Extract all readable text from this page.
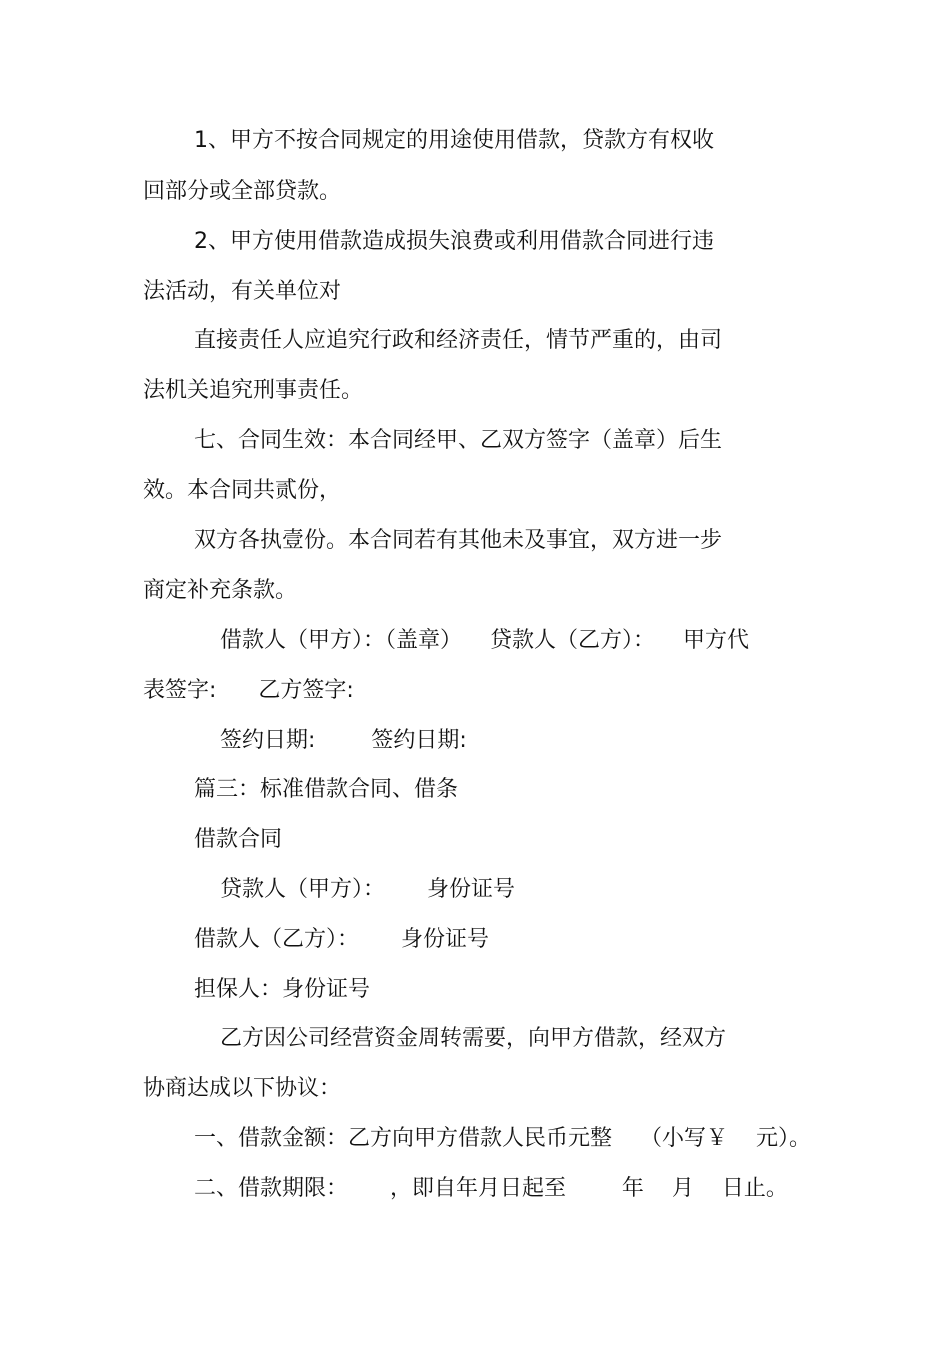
1、甲方不按合同规定的用途使用借款，贷款方有权收
回部分或全部贷款。
2、甲方使用借款造成损失浪费或利用借款合同进行违
法活动，有关单位对
直接责任人应追究行政和经济责任，情节严重的，由司
法机关追究刑事责任。
七、合同生效：本合同经甲、乙双方签字（盖章）后生
效。本合同共贰份，
双方各执壹份。本合同若有其他未及事宜，双方进一步
商定补充条款。
借款人（甲方）：（盖章）    贷款人（乙方）：    甲方代
表签字:      乙方签字:
签约日期:        签约日期:
篇三：标准借款合同、借条
借款合同
贷款人（甲方）：      身份证号
借款人（乙方）：      身份证号
担保人：身份证号
乙方因公司经营资金周转需要，向甲方借款，经双方
协商达成以下协议：
一、借款金额：乙方向甲方借款人民币元整    （小写￥    元）。
二、借款期限：      ，即自年月日起至        年    月    日止。
